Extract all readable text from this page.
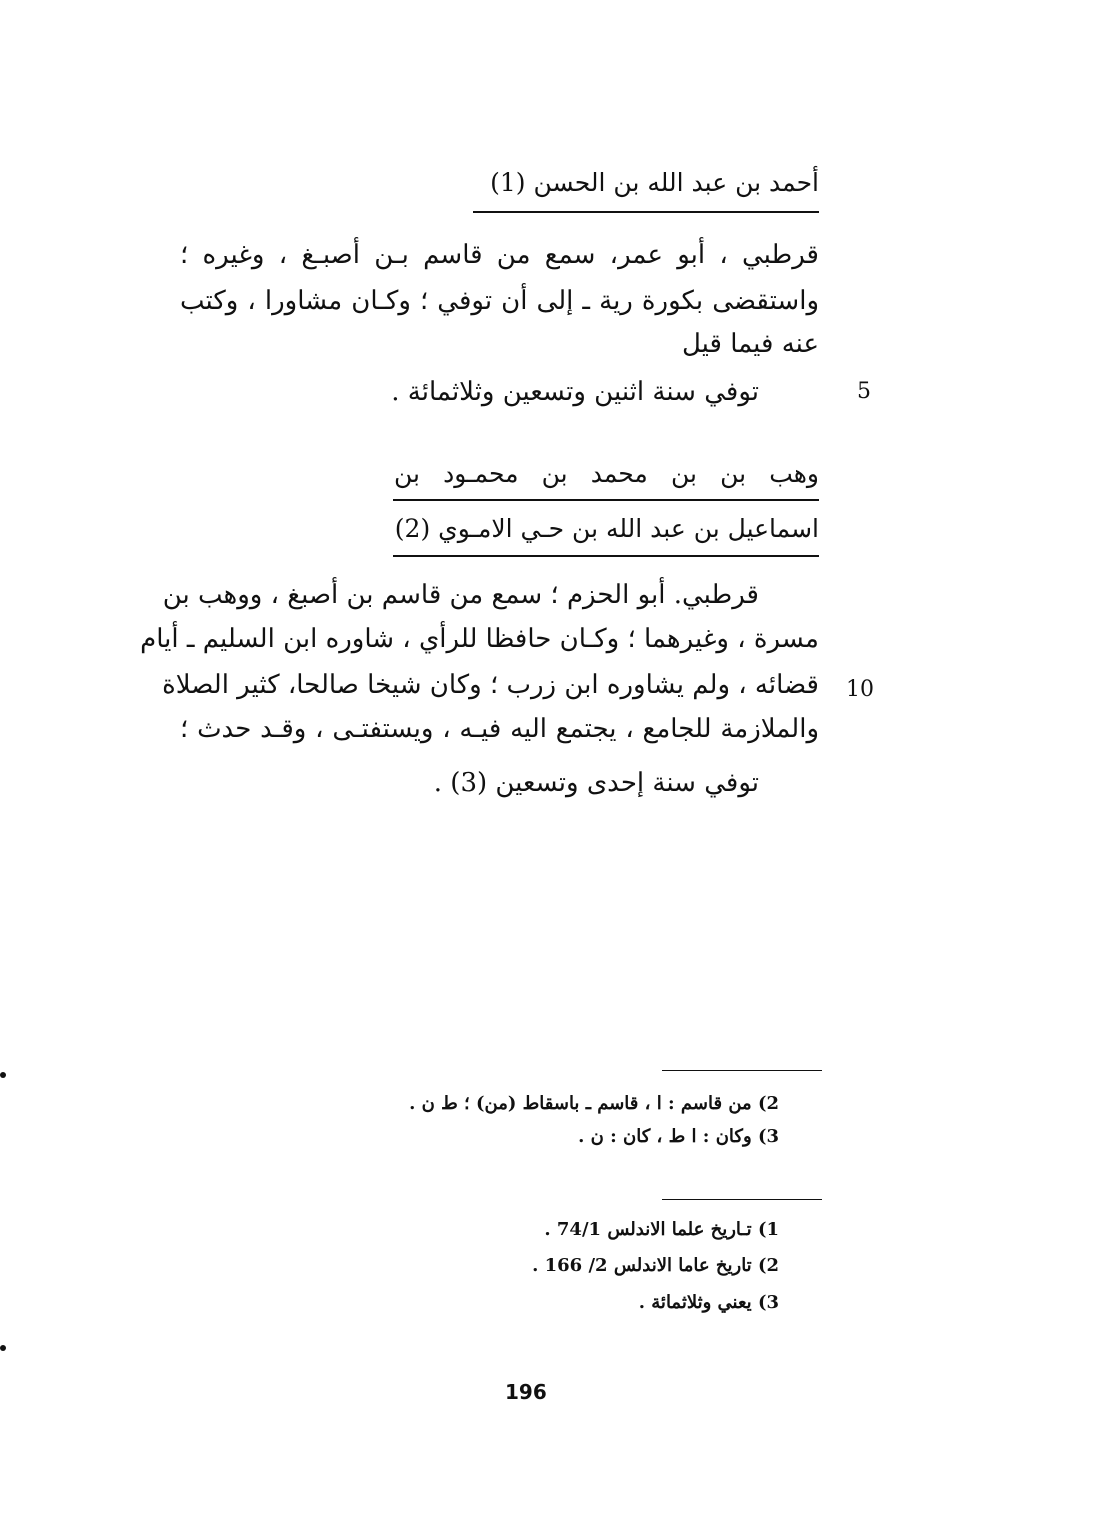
أحمد بن عبد الله بن الحسن (1)
قرطبي ، أبو عمر، سمع من قاسم بـن أصبـغ ، وغيره ؛
واستقضى بكورة رية ـ إلى أن توفي ؛ وكـان مشاورا ، وكتب
عنه فيما قيل
توفي سنة اثنين وتسعين وثلاثمائة .	5
وهب بن بن محمد بن محمـود بن
اسماعيل بن عبد الله بن حـي الامـوي (2)
قرطبي. أبو الحزم ؛ سمع من قاسم بن أصبغ ، ووهب بن
مسرة ، وغيرهما ؛ وكـان حافظا للرأي ، شاوره ابن السليم ـ أيام
قضائه ، ولم يشاوره ابن زرب ؛ وكان شيخا صالحا، كثير الصلاة 10
والملازمة للجامع ، يجتمع اليه فيـه ، ويستفتـى ، وقـد حدث ؛
توفي سنة إحدى وتسعين (3) .
2) من قاسم : ا ، قاسم ـ باسقاط (من) ؛ ط ن .
3) وكان : ا ط ، كان : ن .
1) تـاريخ علما الاندلس 74/1 .
2) تاريخ عاما الاندلس 2/ 166 .
3) يعني وثلاثمائة .
196
